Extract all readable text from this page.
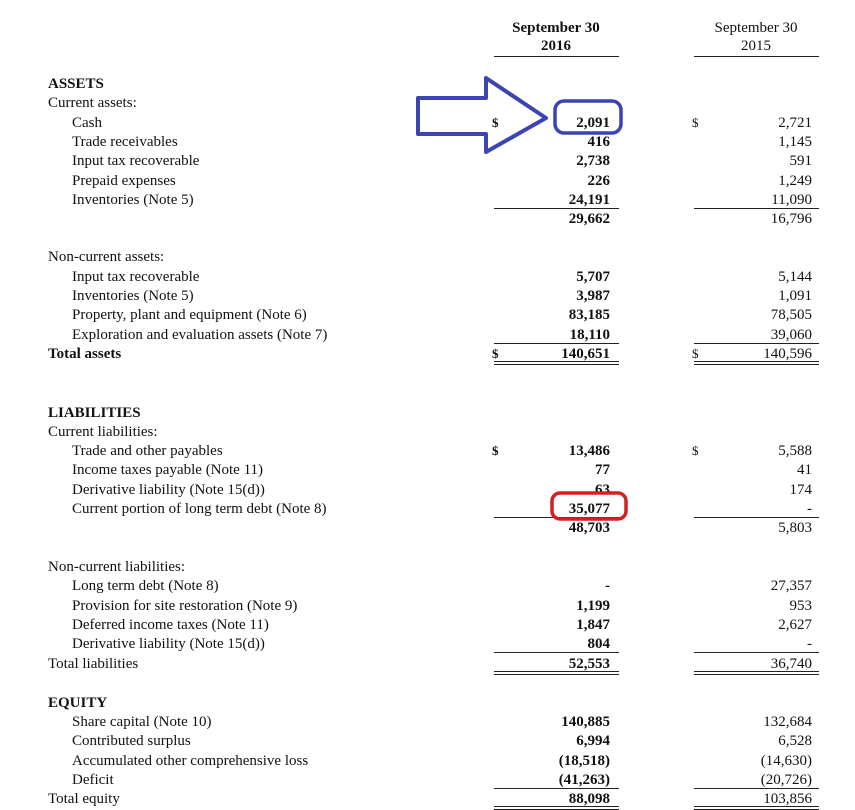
September 30
2016
September 30
2015
ASSETS
Current assets:
Cash	$	2,091	$	2,721
Trade receivables	416	1,145
Input tax recoverable	2,738	591
Prepaid expenses	226	1,249
Inventories (Note 5)	24,191	11,090
29,662	16,796
Non-current assets:
Input tax recoverable	5,707	5,144
Inventories (Note 5)	3,987	1,091
Property, plant and equipment (Note 6)	83,185	78,505
Exploration and evaluation assets (Note 7)	18,110	39,060
Total assets	$	140,651	$	140,596
LIABILITIES
Current liabilities:
Trade and other payables	$	13,486	$	5,588
Income taxes payable (Note 11)	77	41
Derivative liability (Note 15(d))	63	174
Current portion of long term debt (Note 8)	35,077	-
48,703	5,803
Non-current liabilities:
Long term debt (Note 8)	-	27,357
Provision for site restoration (Note 9)	1,199	953
Deferred income taxes (Note 11)	1,847	2,627
Derivative liability (Note 15(d))	804	-
Total liabilities	52,553	36,740
EQUITY
Share capital (Note 10)	140,885	132,684
Contributed surplus	6,994	6,528
Accumulated other comprehensive loss	(18,518)	(14,630)
Deficit	(41,263)	(20,726)
Total equity	88,098	103,856
